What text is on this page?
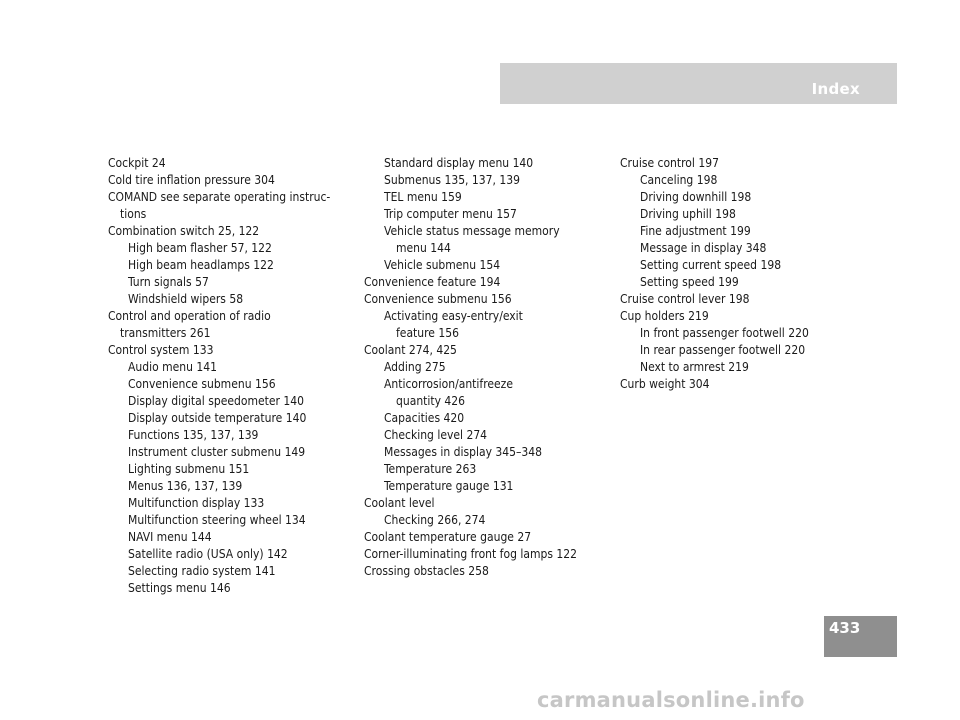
Index
Cockpit 24
Cold tire inflation pressure 304
COMAND see separate operating instruc-
tions
Combination switch 25, 122
High beam flasher 57, 122
High beam headlamps 122
Turn signals 57
Windshield wipers 58
Control and operation of radio
transmitters 261
Control system 133
Audio menu 141
Convenience submenu 156
Display digital speedometer 140
Display outside temperature 140
Functions 135, 137, 139
Instrument cluster submenu 149
Lighting submenu 151
Menus 136, 137, 139
Multifunction display 133
Multifunction steering wheel 134
NAVI menu 144
Satellite radio (USA only) 142
Selecting radio system 141
Settings menu 146
Standard display menu 140
Submenus 135, 137, 139
TEL menu 159
Trip computer menu 157
Vehicle status message memory
menu 144
Vehicle submenu 154
Convenience feature 194
Convenience submenu 156
Activating easy-entry/exit
feature 156
Coolant 274, 425
Adding 275
Anticorrosion/antifreeze
quantity 426
Capacities 420
Checking level 274
Messages in display 345–348
Temperature 263
Temperature gauge 131
Coolant level
Checking 266, 274
Coolant temperature gauge 27
Corner-illuminating front fog lamps 122
Crossing obstacles 258
Cruise control 197
Canceling 198
Driving downhill 198
Driving uphill 198
Fine adjustment 199
Message in display 348
Setting current speed 198
Setting speed 199
Cruise control lever 198
Cup holders 219
In front passenger footwell 220
In rear passenger footwell 220
Next to armrest 219
Curb weight 304
433
carmanualsonline.info
